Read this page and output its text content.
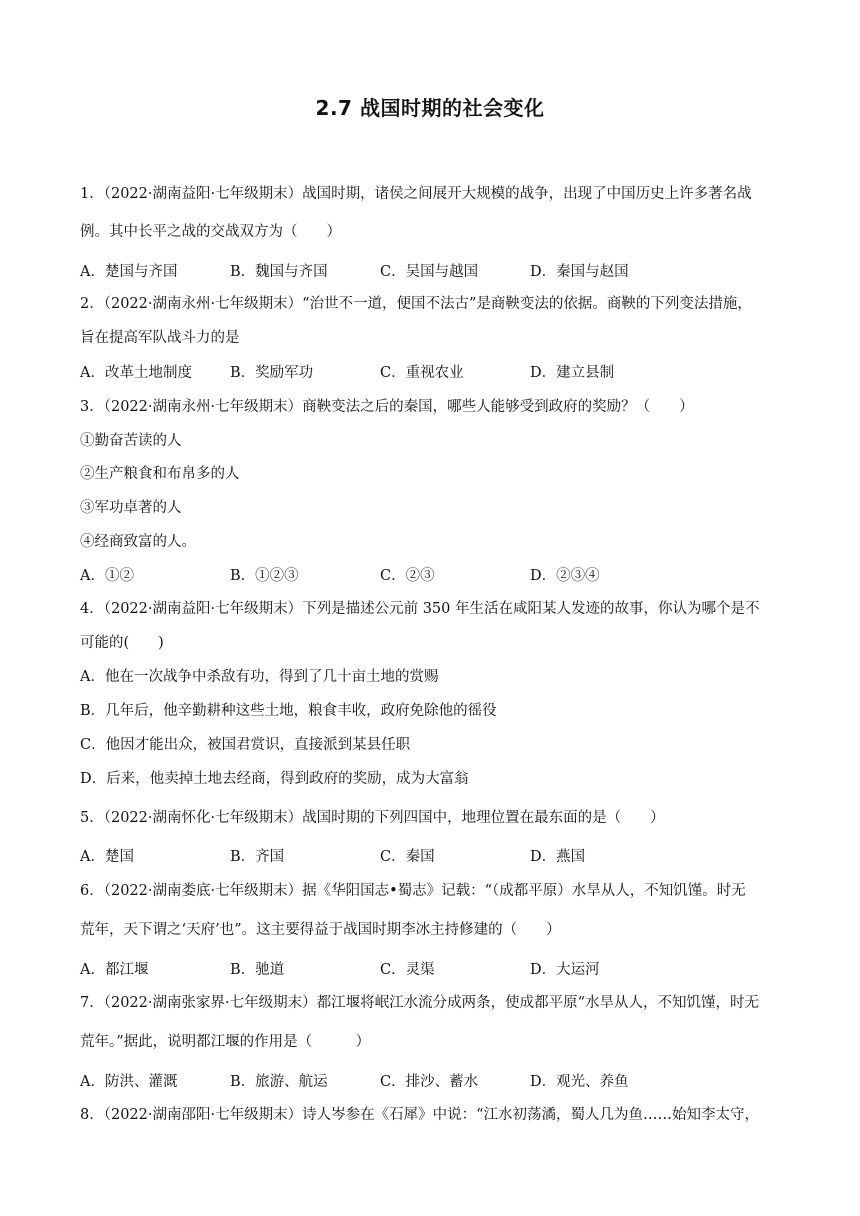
2.7 战国时期的社会变化
1．（2022·湖南益阳·七年级期末）战国时期，诸侯之间展开大规模的战争，出现了中国历史上许多著名战
例。其中长平之战的交战双方为（　　）
A．楚国与齐国	B．魏国与齐国	C．吴国与越国	D．秦国与赵国
2．（2022·湖南永州·七年级期末）“治世不一道，便国不法古”是商鞅变法的依据。商鞅的下列变法措施，
旨在提高军队战斗力的是
A．改革土地制度	B．奖励军功	C．重视农业	D．建立县制
3．（2022·湖南永州·七年级期末）商鞅变法之后的秦国，哪些人能够受到政府的奖励？（　　）
①勤奋苦读的人
②生产粮食和布帛多的人
③军功卓著的人
④经商致富的人。
A．①②	B．①②③	C．②③	D．②③④
4．（2022·湖南益阳·七年级期末）下列是描述公元前 350 年生活在咸阳某人发迹的故事，你认为哪个是不
可能的(　　)
A．他在一次战争中杀敌有功，得到了几十亩土地的赏赐
B．几年后，他辛勤耕种这些土地，粮食丰收，政府免除他的徭役
C．他因才能出众，被国君赏识，直接派到某县任职
D．后来，他卖掉土地去经商，得到政府的奖励，成为大富翁
5．（2022·湖南怀化·七年级期末）战国时期的下列四国中，地理位置在最东面的是（　　）
A．楚国	B．齐国	C．秦国	D．燕国
6．（2022·湖南娄底·七年级期末）据《华阳国志•蜀志》记载：“（成都平原）水旱从人，不知饥馑。时无
荒年，天下谓之‘天府’也”。这主要得益于战国时期李冰主持修建的（　　）
A．都江堰	B．驰道	C．灵渠	D．大运河
7．（2022·湖南张家界·七年级期末）都江堰将岷江水流分成两条，使成都平原“水旱从人，不知饥馑，时无
荒年。”据此，说明都江堰的作用是（　　　）
A．防洪、灌溉	B．旅游、航运	C．排沙、蓄水	D．观光、养鱼
8．（2022·湖南邵阳·七年级期末）诗人岑参在《石犀》中说：“江水初荡潏，蜀人几为鱼……始知李太守，
